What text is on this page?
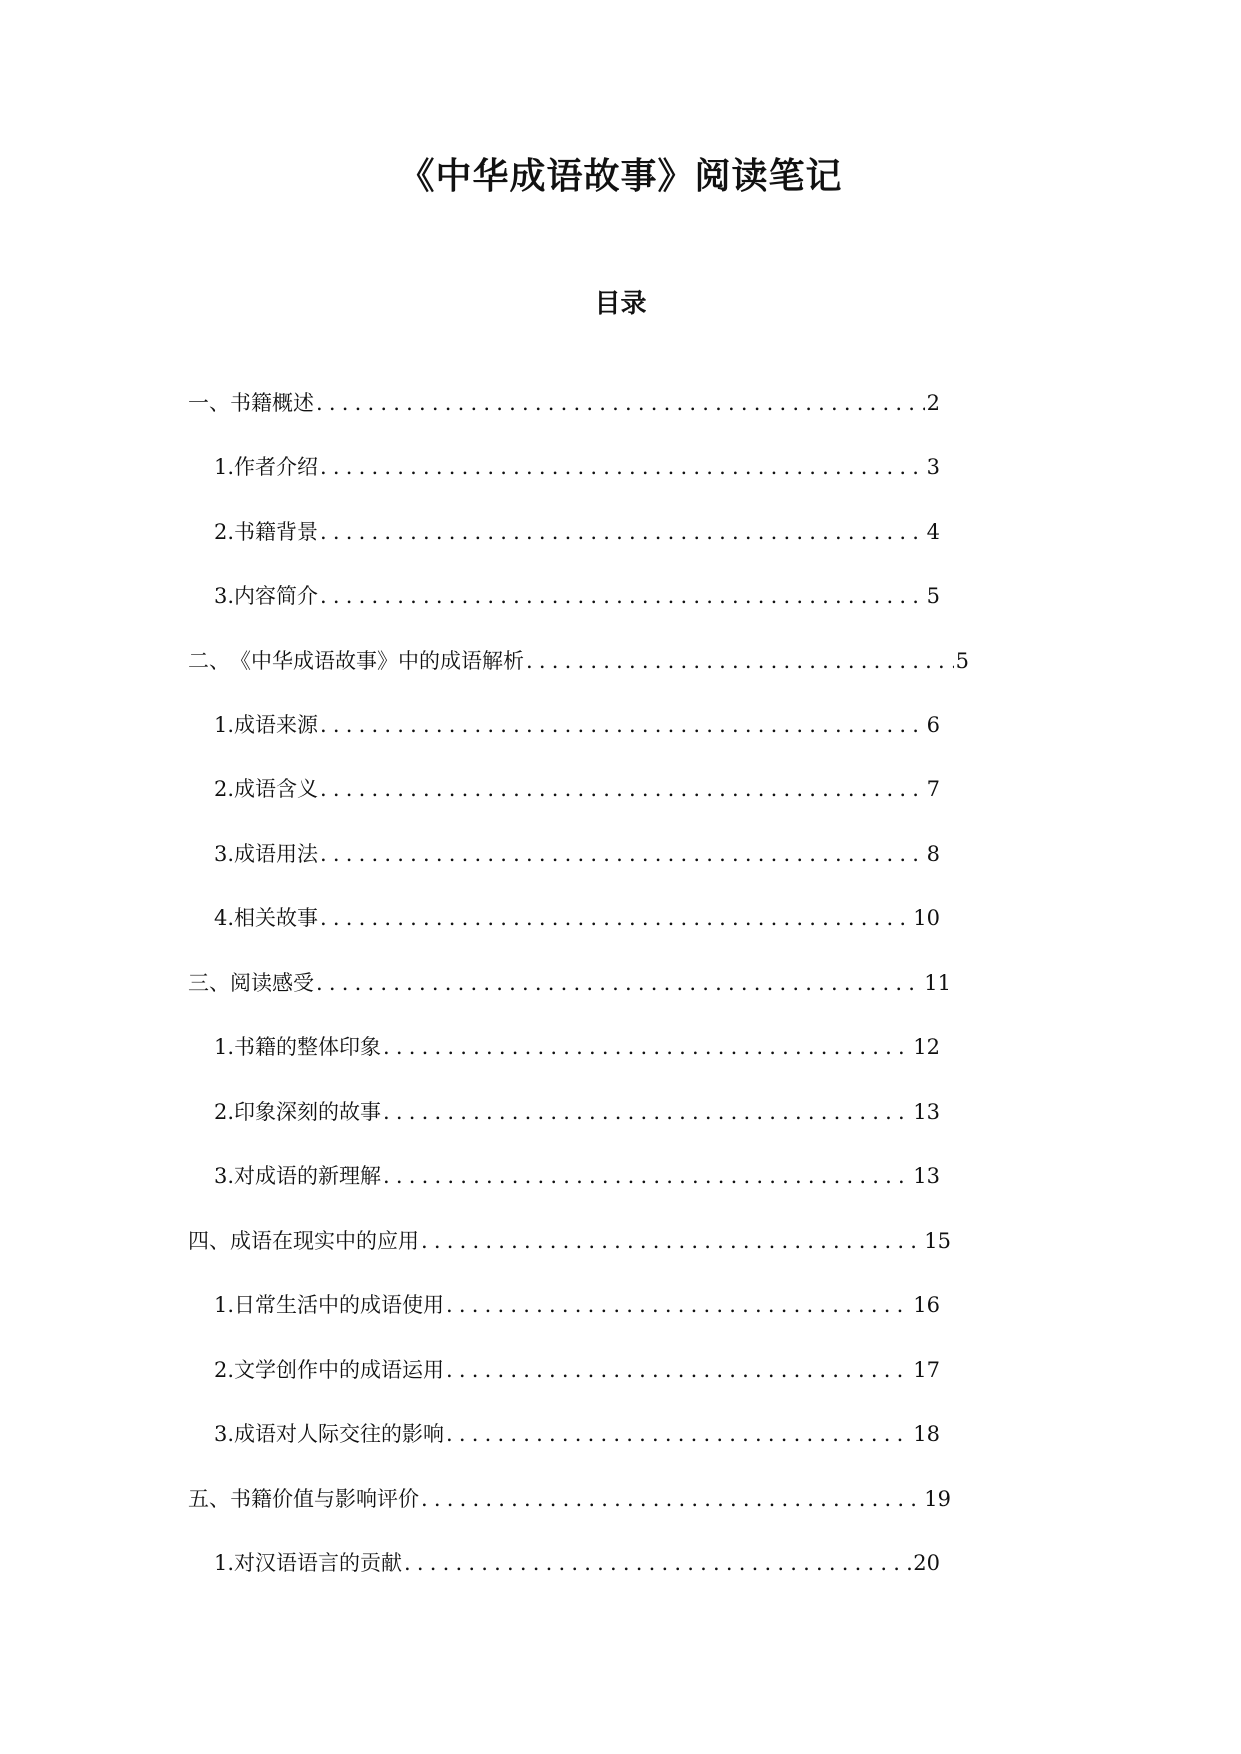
《中华成语故事》阅读笔记
目录
一、 书籍概述 .....	2
1. 作者介绍 .....	3
2. 书籍背景 .....	4
3. 内容简介 .....	5
二、 《中华成语故事》中的成语解析 .....	5
1. 成语来源 .....	6
2. 成语含义 .....	7
3. 成语用法 .....	8
4. 相关故事 .....	10
三、 阅读感受 .....	11
1. 书籍的整体印象 .....	12
2. 印象深刻的故事 .....	13
3. 对成语的新理解 .....	13
四、 成语在现实中的应用 .....	15
1. 日常生活中的成语使用 .....	16
2. 文学创作中的成语运用 .....	17
3. 成语对人际交往的影响 .....	18
五、 书籍价值与影响评价 .....	19
1. 对汉语语言的贡献 .....	20
